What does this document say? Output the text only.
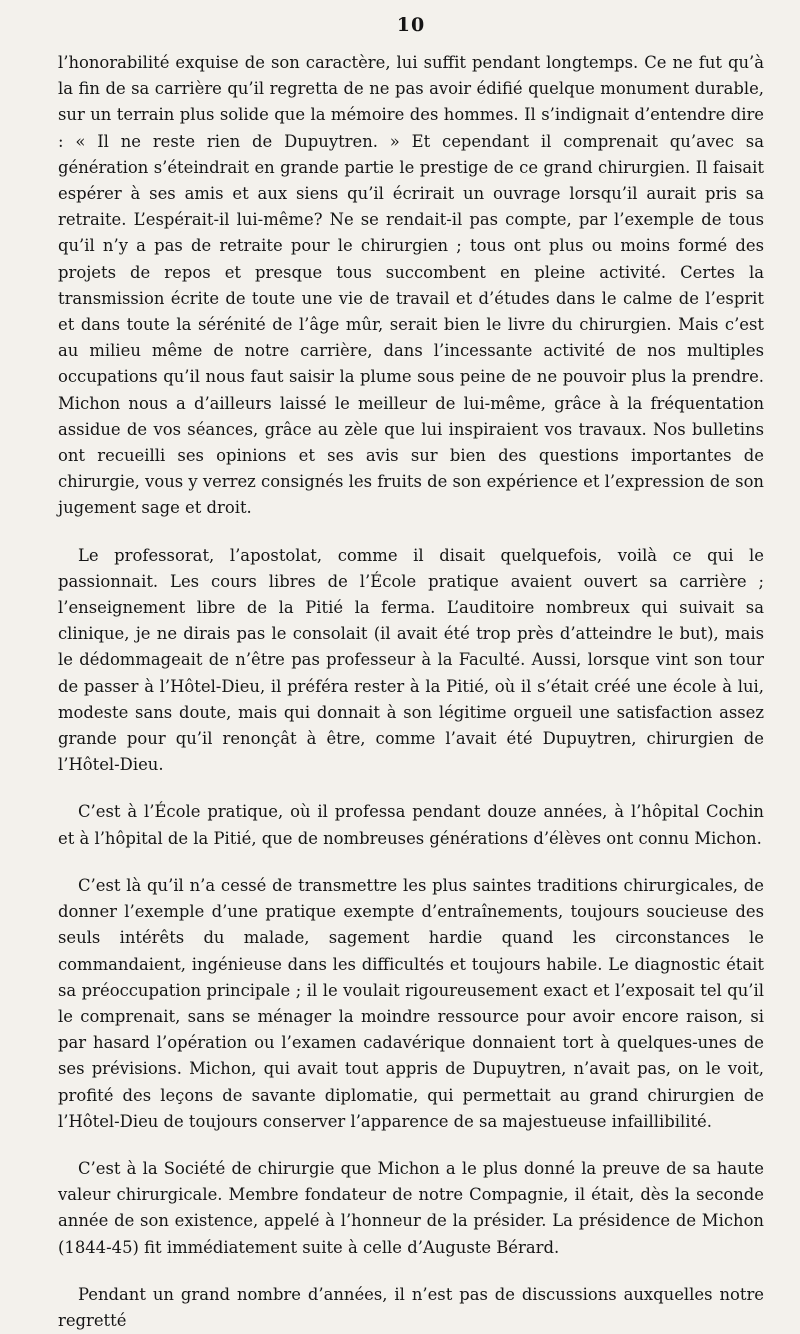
10

l’honorabilité exquise de son caractère, lui suffit pendant longtemps. Ce ne fut qu’à la fin de sa carrière qu’il regretta de ne pas avoir édifié quelque monument durable, sur un terrain plus solide que la mémoire des hommes. Il s’indignait d’entendre dire : « Il ne reste rien de Dupuytren. » Et cependant il comprenait qu’avec sa génération s’éteindrait en grande partie le prestige de ce grand chirurgien. Il faisait espérer à ses amis et aux siens qu’il écrirait un ouvrage lorsqu’il aurait pris sa retraite. L’espérait-il lui-même? Ne se rendait-il pas compte, par l’exemple de tous qu’il n’y a pas de retraite pour le chirurgien ; tous ont plus ou moins formé des projets de repos et presque tous succombent en pleine activité. Certes la transmission écrite de toute une vie de travail et d’études dans le calme de l’esprit et dans toute la sérénité de l’âge mûr, serait bien le livre du chirurgien. Mais c’est au milieu même de notre carrière, dans l’incessante activité de nos multiples occupations qu’il nous faut saisir la plume sous peine de ne pouvoir plus la prendre. Michon nous a d’ailleurs laissé le meilleur de lui-même, grâce à la fréquentation assidue de vos séances, grâce au zèle que lui inspiraient vos travaux. Nos bulletins ont recueilli ses opinions et ses avis sur bien des questions importantes de chirurgie, vous y verrez consignés les fruits de son expérience et l’expression de son jugement sage et droit.

Le professorat, l’apostolat, comme il disait quelquefois, voilà ce qui le passionnait. Les cours libres de l’École pratique avaient ouvert sa carrière ; l’enseignement libre de la Pitié la ferma. L’auditoire nombreux qui suivait sa clinique, je ne dirais pas le consolait (il avait été trop près d’atteindre le but), mais le dédommageait de n’être pas professeur à la Faculté. Aussi, lorsque vint son tour de passer à l’Hôtel-Dieu, il préféra rester à la Pitié, où il s’était créé une école à lui, modeste sans doute, mais qui donnait à son légitime orgueil une satisfaction assez grande pour qu’il renonçât à être, comme l’avait été Dupuytren, chirurgien de l’Hôtel-Dieu.

C’est à l’École pratique, où il professa pendant douze années, à l’hôpital Cochin et à l’hôpital de la Pitié, que de nombreuses générations d’élèves ont connu Michon.

C’est là qu’il n’a cessé de transmettre les plus saintes traditions chirurgicales, de donner l’exemple d’une pratique exempte d’entraînements, toujours soucieuse des seuls intérêts du malade, sagement hardie quand les circonstances le commandaient, ingénieuse dans les difficultés et toujours habile. Le diagnostic était sa préoccupation principale ; il le voulait rigoureusement exact et l’exposait tel qu’il le comprenait, sans se ménager la moindre ressource pour avoir encore raison, si par hasard l’opération ou l’examen cadavérique donnaient tort à quelques-unes de ses prévisions. Michon, qui avait tout appris de Dupuytren, n’avait pas, on le voit, profité des leçons de savante diplomatie, qui permettait au grand chirurgien de l’Hôtel-Dieu de toujours conserver l’apparence de sa majestueuse infaillibilité.

C’est à la Société de chirurgie que Michon a le plus donné la preuve de sa haute valeur chirurgicale. Membre fondateur de notre Compagnie, il était, dès la seconde année de son existence, appelé à l’honneur de la présider. La présidence de Michon (1844-45) fit immédiatement suite à celle d’Auguste Bérard.

Pendant un grand nombre d’années, il n’est pas de discussions auxquelles notre regretté
